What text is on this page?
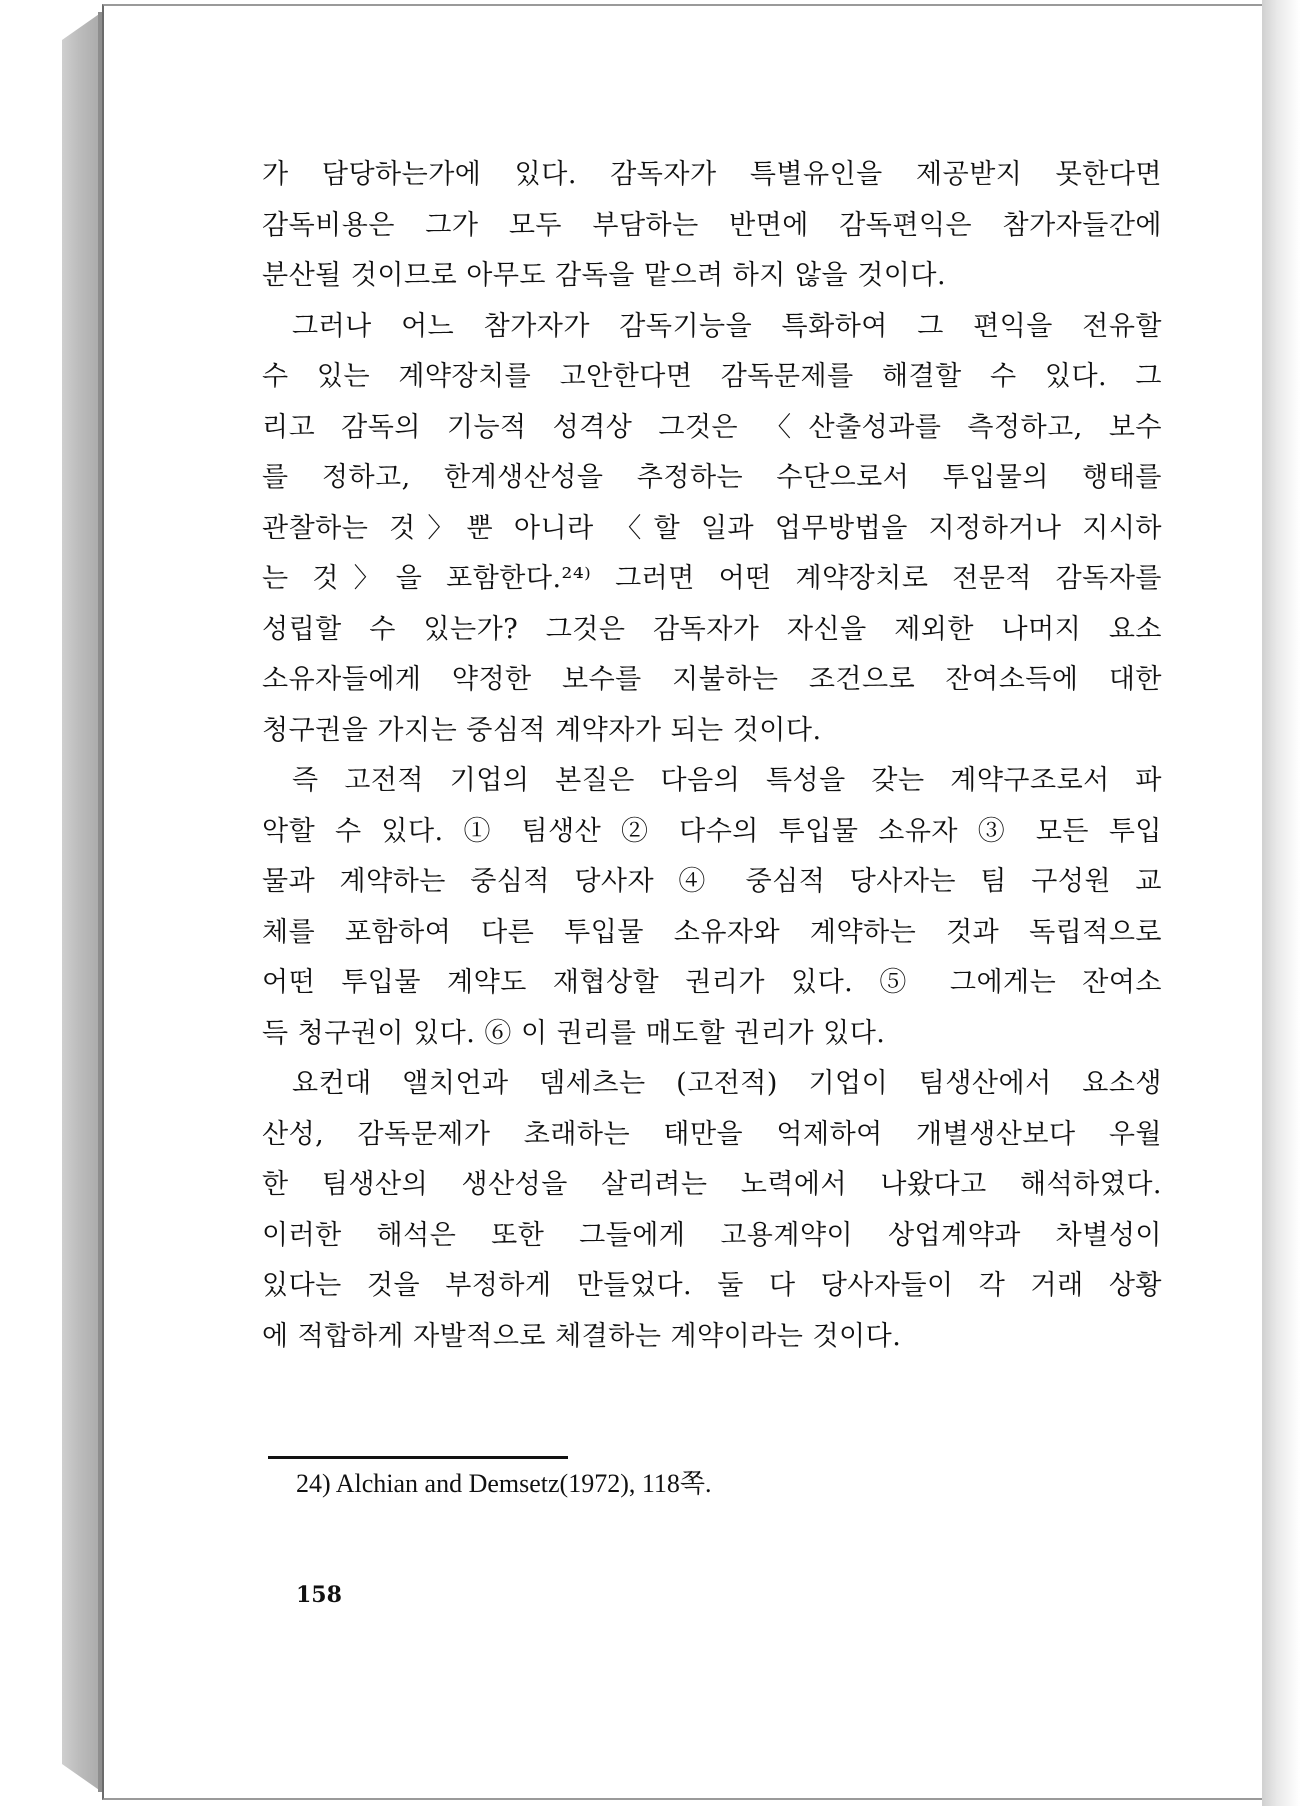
가 담당하는가에 있다. 감독자가 특별유인을 제공받지 못한다면
감독비용은 그가 모두 부담하는 반면에 감독편익은 참가자들간에
분산될 것이므로 아무도 감독을 맡으려 하지 않을 것이다.
그러나 어느 참가자가 감독기능을 특화하여 그 편익을 전유할
수 있는 계약장치를 고안한다면 감독문제를 해결할 수 있다. 그
리고 감독의 기능적 성격상 그것은 〈산출성과를 측정하고, 보수
를 정하고, 한계생산성을 추정하는 수단으로서 투입물의 행태를
관찰하는 것〉뿐 아니라 〈할 일과 업무방법을 지정하거나 지시하
는 것〉을 포함한다.²⁴⁾ 그러면 어떤 계약장치로 전문적 감독자를
성립할 수 있는가? 그것은 감독자가 자신을 제외한 나머지 요소
소유자들에게 약정한 보수를 지불하는 조건으로 잔여소득에 대한
청구권을 가지는 중심적 계약자가 되는 것이다.
즉 고전적 기업의 본질은 다음의 특성을 갖는 계약구조로서 파
악할 수 있다. ① 팀생산 ② 다수의 투입물 소유자 ③ 모든 투입
물과 계약하는 중심적 당사자 ④ 중심적 당사자는 팀 구성원 교
체를 포함하여 다른 투입물 소유자와 계약하는 것과 독립적으로
어떤 투입물 계약도 재협상할 권리가 있다. ⑤ 그에게는 잔여소
득 청구권이 있다. ⑥ 이 권리를 매도할 권리가 있다.
요컨대 앨치언과 뎀세츠는 (고전적) 기업이 팀생산에서 요소생
산성, 감독문제가 초래하는 태만을 억제하여 개별생산보다 우월
한 팀생산의 생산성을 살리려는 노력에서 나왔다고 해석하였다.
이러한 해석은 또한 그들에게 고용계약이 상업계약과 차별성이
있다는 것을 부정하게 만들었다. 둘 다 당사자들이 각 거래 상황
에 적합하게 자발적으로 체결하는 계약이라는 것이다.
24) Alchian and Demsetz(1972), 118쪽.
158
